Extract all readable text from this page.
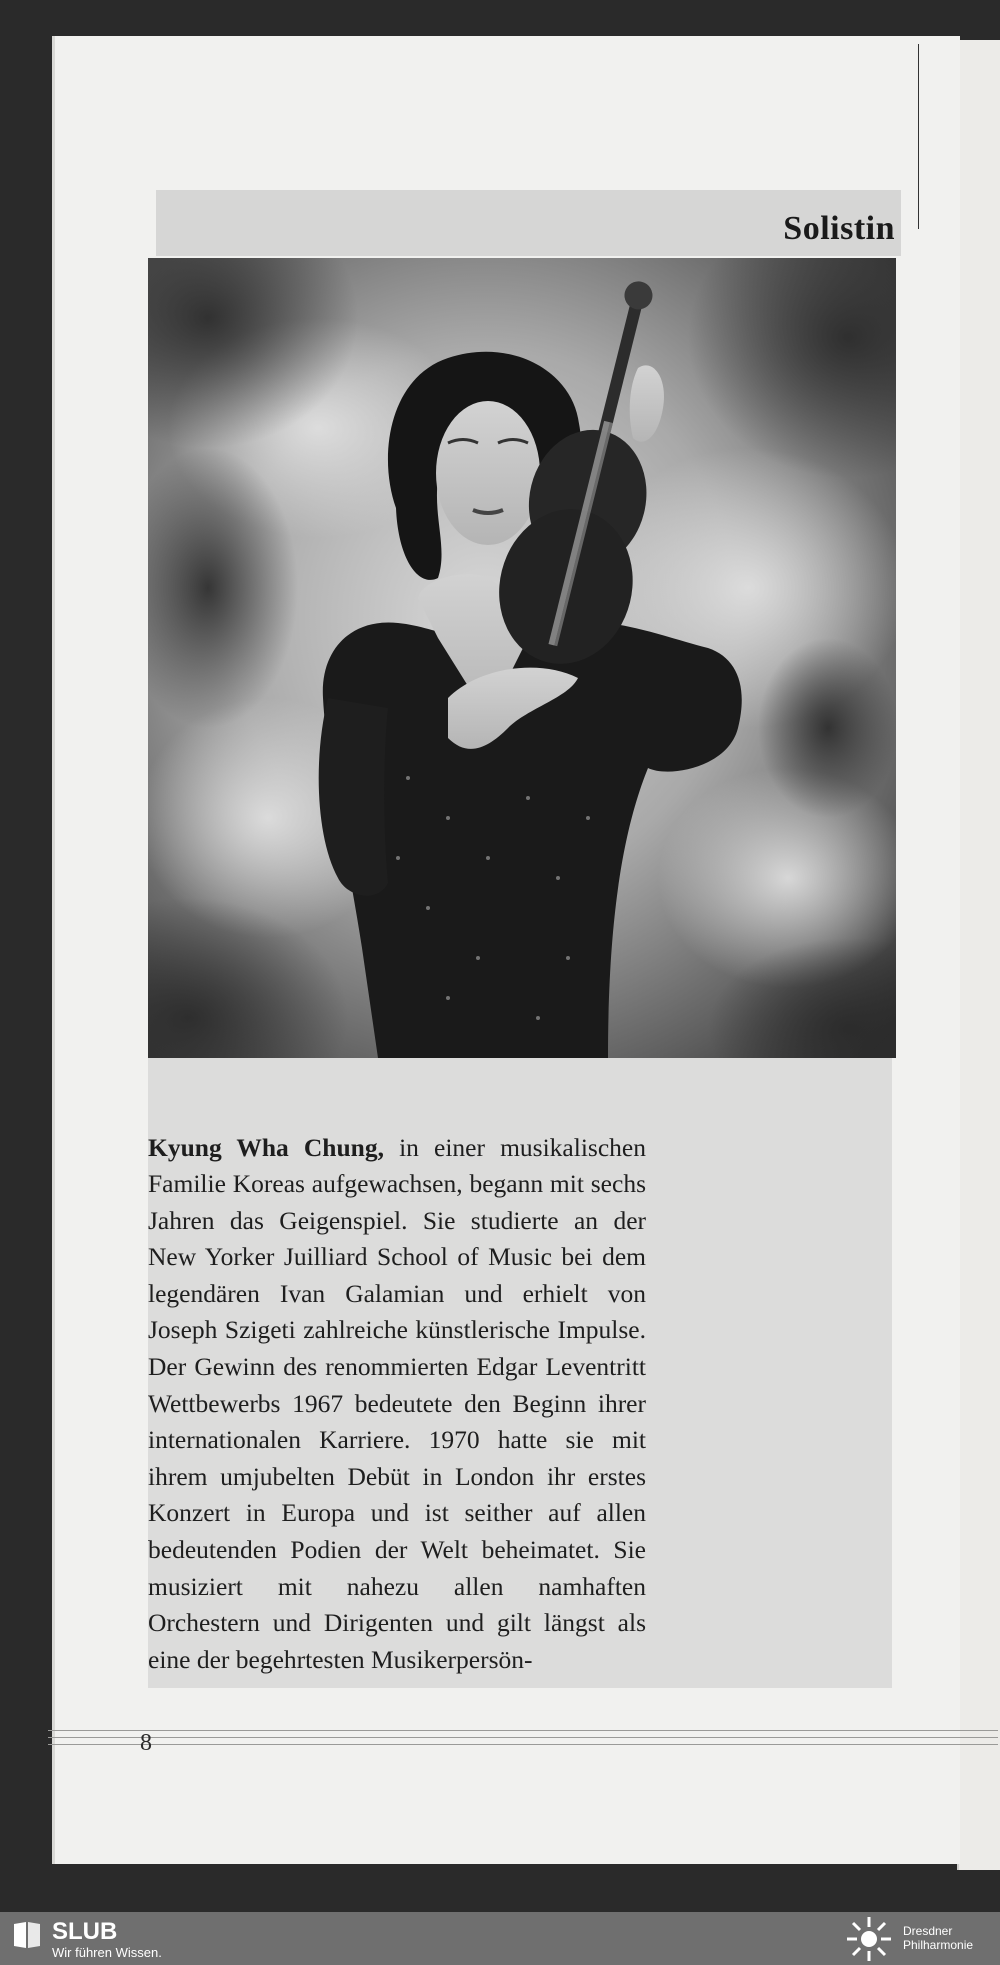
Solistin

Kyung Wha Chung, in einer musikalischen Familie Koreas aufgewachsen, begann mit sechs Jahren das Geigenspiel. Sie studierte an der New Yorker Juilliard School of Music bei dem legendären Ivan Galamian und erhielt von Joseph Szigeti zahlreiche künstlerische Impulse. Der Gewinn des renommierten Edgar Leventritt Wettbewerbs 1967 bedeutete den Beginn ihrer internationalen Karriere. 1970 hatte sie mit ihrem umjubelten Debüt in London ihr erstes Konzert in Europa und ist seither auf allen bedeutenden Podien der Welt beheimatet. Sie musiziert mit nahezu allen namhaften Orchestern und Dirigenten und gilt längst als eine der begehrtesten Musikerpersön-

8
SLUB
Wir führen Wissen.
Dresdner
Philharmonie
